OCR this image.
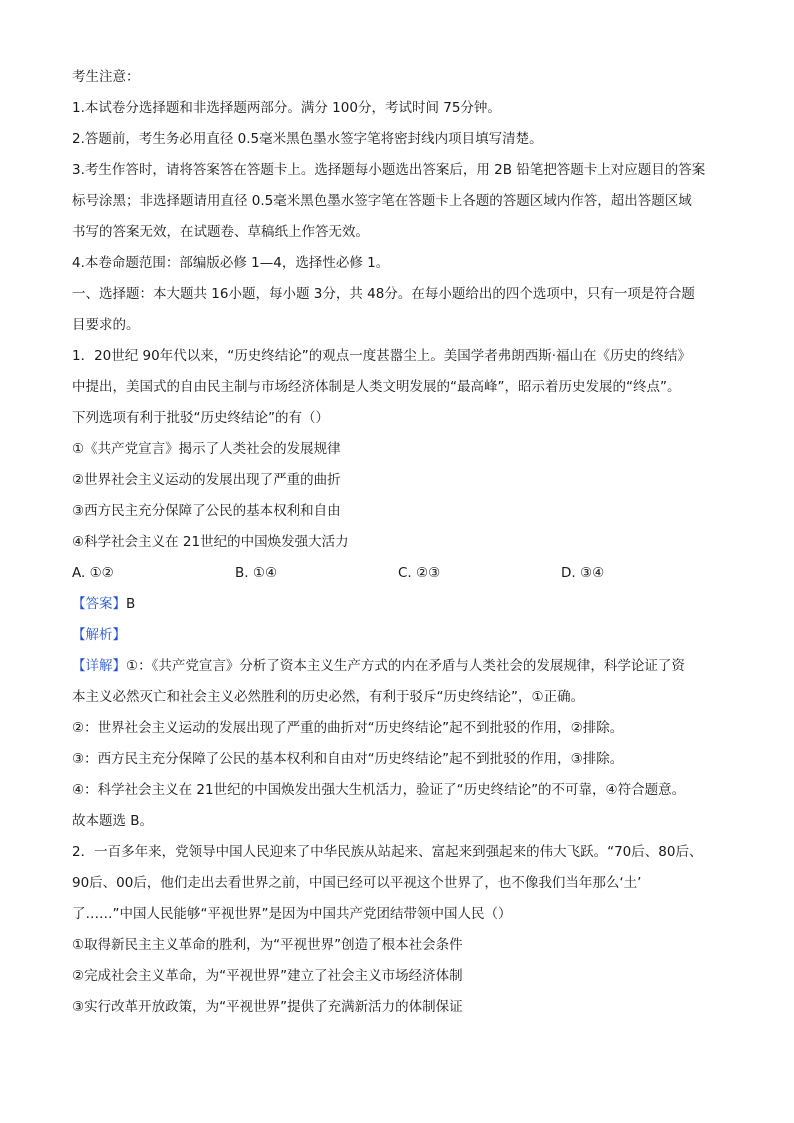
考生注意：
1.本试卷分选择题和非选择题两部分。满分 100分，考试时间 75分钟。
2.答题前，考生务必用直径 0.5毫米黑色墨水签字笔将密封线内项目填写清楚。
3.考生作答时，请将答案答在答题卡上。选择题每小题选出答案后，用 2B 铅笔把答题卡上对应题目的答案
标号涂黑；非选择题请用直径 0.5毫米黑色墨水签字笔在答题卡上各题的答题区域内作答，超出答题区域
书写的答案无效，在试题卷、草稿纸上作答无效。
4.本卷命题范围：部编版必修 1—4，选择性必修 1。
一、选择题：本大题共 16小题，每小题 3分，共 48分。在每小题给出的四个选项中，只有一项是符合题
目要求的。
1．20世纪 90年代以来，“历史终结论”的观点一度甚嚣尘上。美国学者弗朗西斯·福山在《历史的终结》
中提出，美国式的自由民主制与市场经济体制是人类文明发展的“最高峰”，昭示着历史发展的“终点”。
下列选项有利于批驳“历史终结论”的有（）
①《共产党宣言》揭示了人类社会的发展规律
②世界社会主义运动的发展出现了严重的曲折
③西方民主充分保障了公民的基本权利和自由
④科学社会主义在 21世纪的中国焕发强大活力
A. ①②	B. ①④	C. ②③	D. ③④
【答案】B
【解析】
【详解】①：《共产党宣言》分析了资本主义生产方式的内在矛盾与人类社会的发展规律，科学论证了资
本主义必然灭亡和社会主义必然胜利的历史必然，有利于驳斥“历史终结论”，①正确。
②：世界社会主义运动的发展出现了严重的曲折对“历史终结论”起不到批驳的作用，②排除。
③：西方民主充分保障了公民的基本权利和自由对“历史终结论”起不到批驳的作用，③排除。
④：科学社会主义在 21世纪的中国焕发出强大生机活力，验证了“历史终结论”的不可靠，④符合题意。
故本题选 B。
2．一百多年来，党领导中国人民迎来了中华民族从站起来、富起来到强起来的伟大飞跃。“70后、80后、
90后、00后，他们走出去看世界之前，中国已经可以平视这个世界了，也不像我们当年那么‘土’
了……”中国人民能够“平视世界”是因为中国共产党团结带领中国人民（）
①取得新民主主义革命的胜利，为“平视世界”创造了根本社会条件
②完成社会主义革命，为“平视世界”建立了社会主义市场经济体制
③实行改革开放政策，为“平视世界”提供了充满新活力的体制保证
